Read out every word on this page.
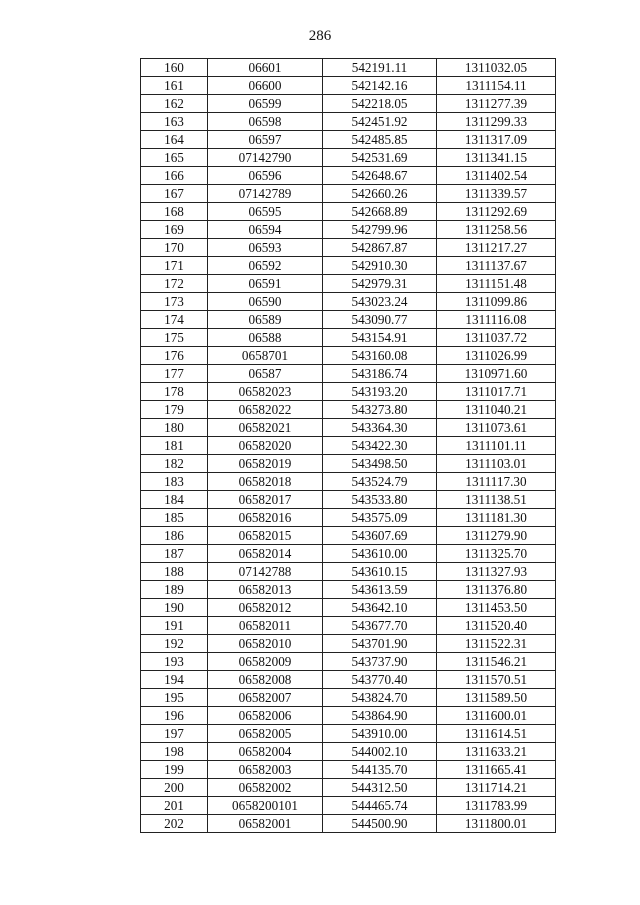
286
160	06601	542191.11	1311032.05
161	06600	542142.16	1311154.11
162	06599	542218.05	1311277.39
163	06598	542451.92	1311299.33
164	06597	542485.85	1311317.09
165	07142790	542531.69	1311341.15
166	06596	542648.67	1311402.54
167	07142789	542660.26	1311339.57
168	06595	542668.89	1311292.69
169	06594	542799.96	1311258.56
170	06593	542867.87	1311217.27
171	06592	542910.30	1311137.67
172	06591	542979.31	1311151.48
173	06590	543023.24	1311099.86
174	06589	543090.77	1311116.08
175	06588	543154.91	1311037.72
176	0658701	543160.08	1311026.99
177	06587	543186.74	1310971.60
178	06582023	543193.20	1311017.71
179	06582022	543273.80	1311040.21
180	06582021	543364.30	1311073.61
181	06582020	543422.30	1311101.11
182	06582019	543498.50	1311103.01
183	06582018	543524.79	1311117.30
184	06582017	543533.80	1311138.51
185	06582016	543575.09	1311181.30
186	06582015	543607.69	1311279.90
187	06582014	543610.00	1311325.70
188	07142788	543610.15	1311327.93
189	06582013	543613.59	1311376.80
190	06582012	543642.10	1311453.50
191	06582011	543677.70	1311520.40
192	06582010	543701.90	1311522.31
193	06582009	543737.90	1311546.21
194	06582008	543770.40	1311570.51
195	06582007	543824.70	1311589.50
196	06582006	543864.90	1311600.01
197	06582005	543910.00	1311614.51
198	06582004	544002.10	1311633.21
199	06582003	544135.70	1311665.41
200	06582002	544312.50	1311714.21
201	0658200101	544465.74	1311783.99
202	06582001	544500.90	1311800.01
